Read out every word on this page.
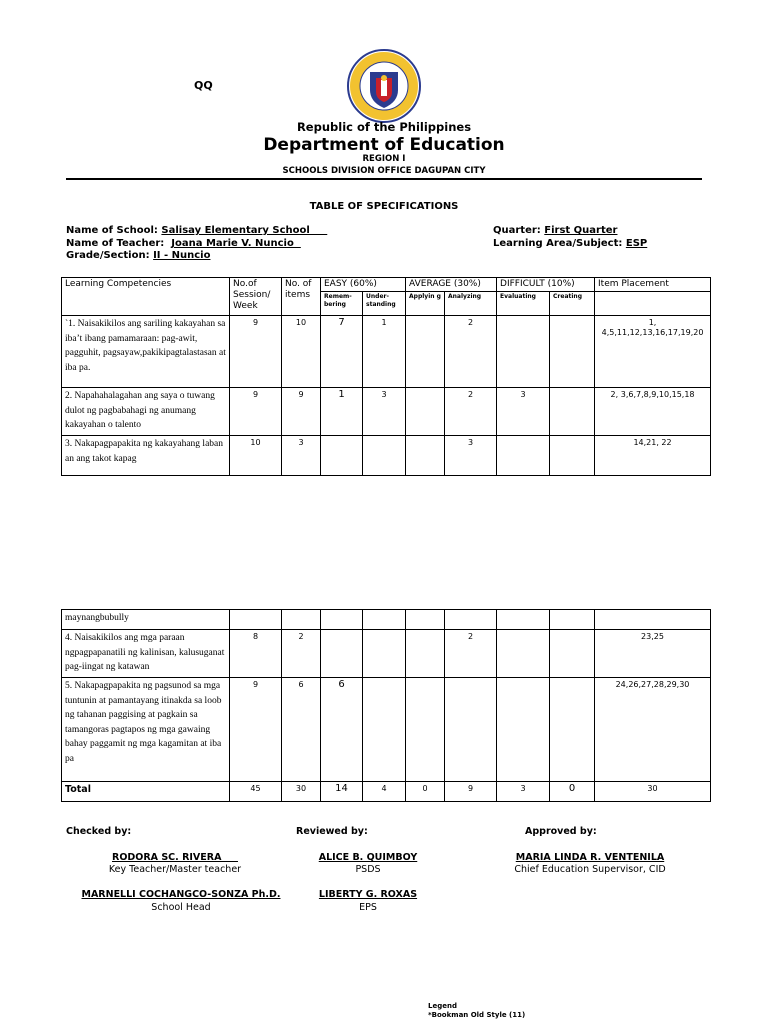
QQ
Republic of the Philippines
Department of Education
REGION I
SCHOOLS DIVISION OFFICE DAGUPAN CITY
TABLE OF SPECIFICATIONS
Name of School: Salisay Elementary School
Name of Teacher: Joana Marie V. Nuncio
Grade/Section: II - Nuncio
Quarter: First Quarter
Learning Area/Subject: ESP
Learning Competencies	No.of Session/ Week	No. of items	EASY (60%)		AVERAGE (30%)		DIFFICULT (10%)		Item Placement
			Remem-bering	Under-standing	Applyin g	Analyzing	Evaluating	Creating	
`1. Naisakikilos ang sariling kakayahan sa iba’t ibang pamamaraan: pag-awit, pagguhit, pagsayaw,pakikipagtalastasan at iba pa.	9	10	7	1		2			1, 4,5,11,12,13,16,17,19,20
2. Napahahalagahan ang saya o tuwang dulot ng pagbabahagi ng anumang kakayahan o talento	9	9	1	3		2	3		2, 3,6,7,8,9,10,15,18
3. Nakapagpapakita ng kakayahang laban an ang takot kapag	10	3				3			14,21, 22
maynangbubully									
4. Naisakikilos ang mga paraan ngpagpapanatili ng kalinisan, kalusuganat pag-iingat ng katawan	8	2				2			23,25
5. Nakapagpapakita ng pagsunod sa mga tuntunin at pamantayang itinakda sa loob ng tahanan paggising at pagkain sa tamangoras pagtapos ng mga gawaing bahay paggamit ng mga kagamitan at iba pa	9	6	6						24,26,27,28,29,30
Total	45	30	14	4	0	9	3	0	30
Checked by:	Reviewed by:	Approved by:
RODORA SC. RIVERA
Key Teacher/Master teacher
ALICE B. QUIMBOY
PSDS
MARIA LINDA R. VENTENILA
Chief Education Supervisor, CID
MARNELLI COCHANGCO-SONZA Ph.D.
School Head
LIBERTY G. ROXAS
EPS
Legend
*Bookman Old Style (11)
